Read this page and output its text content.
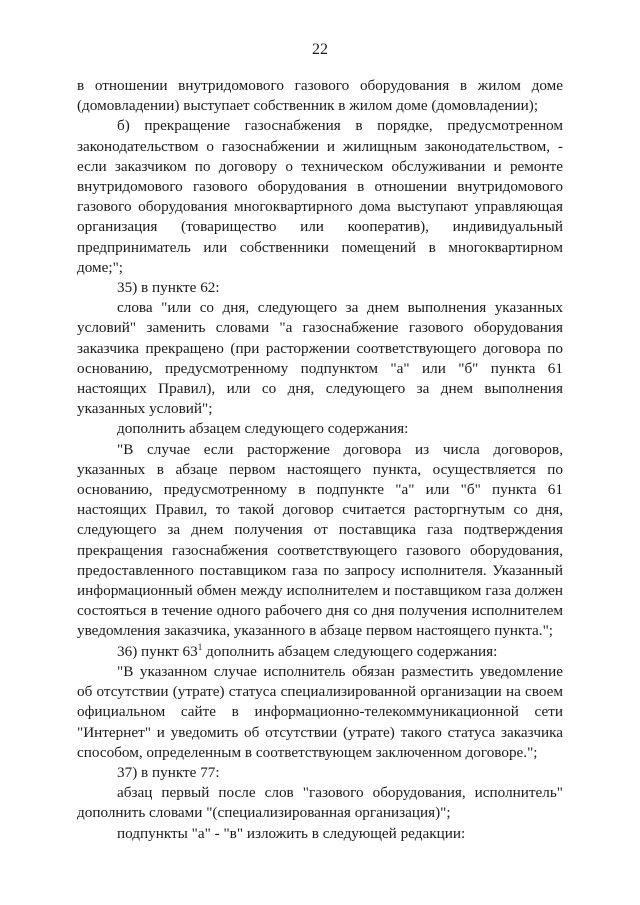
22

в отношении внутридомового газового оборудования в жилом доме (домовладении) выступает собственник в жилом доме (домовладении);

б) прекращение газоснабжения в порядке, предусмотренном законодательством о газоснабжении и жилищным законодательством, - если заказчиком по договору о техническом обслуживании и ремонте внутридомового газового оборудования в отношении внутридомового газового оборудования многоквартирного дома выступают управляющая организация (товарищество или кооператив), индивидуальный предприниматель или собственники помещений в многоквартирном доме;";

35) в пункте 62:

слова "или со дня, следующего за днем выполнения указанных условий" заменить словами "а газоснабжение газового оборудования заказчика прекращено (при расторжении соответствующего договора по основанию, предусмотренному подпунктом "а" или "б" пункта 61 настоящих Правил), или со дня, следующего за днем выполнения указанных условий";

дополнить абзацем следующего содержания:

"В случае если расторжение договора из числа договоров, указанных в абзаце первом настоящего пункта, осуществляется по основанию, предусмотренному в подпункте "а" или "б" пункта 61 настоящих Правил, то такой договор считается расторгнутым со дня, следующего за днем получения от поставщика газа подтверждения прекращения газоснабжения соответствующего газового оборудования, предоставленного поставщиком газа по запросу исполнителя. Указанный информационный обмен между исполнителем и поставщиком газа должен состояться в течение одного рабочего дня со дня получения исполнителем уведомления заказчика, указанного в абзаце первом настоящего пункта.";

36) пункт $63^1$ дополнить абзацем следующего содержания:

"В указанном случае исполнитель обязан разместить уведомление об отсутствии (утрате) статуса специализированной организации на своем официальном сайте в информационно-телекоммуникационной сети "Интернет" и уведомить об отсутствии (утрате) такого статуса заказчика способом, определенным в соответствующем заключенном договоре.";

37) в пункте 77:

абзац первый после слов "газового оборудования, исполнитель" дополнить словами "(специализированная организация)";

подпункты "а" - "в" изложить в следующей редакции:
